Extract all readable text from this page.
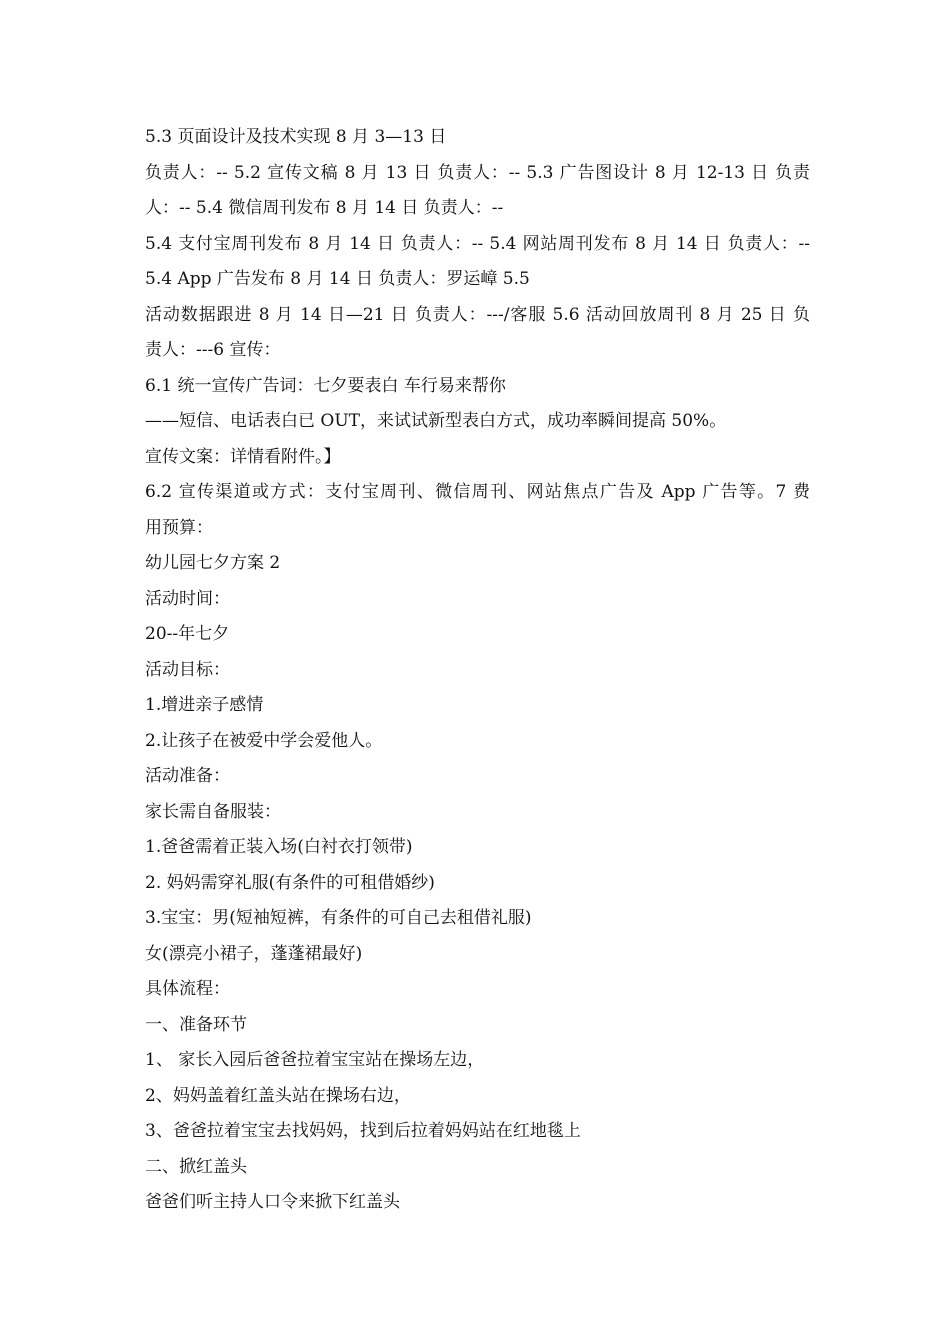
5.3 页面设计及技术实现 8 月 3—13 日
负责人：-- 5.2 宣传文稿 8 月 13 日 负责人：-- 5.3 广告图设计 8 月 12-13 日 负责
人：-- 5.4 微信周刊发布 8 月 14 日 负责人：--
5.4 支付宝周刊发布 8 月 14 日 负责人：-- 5.4 网站周刊发布 8 月 14 日 负责人：--
5.4 App 广告发布 8 月 14 日 负责人：罗运嶂 5.5
活动数据跟进 8 月 14 日—21 日 负责人：---/客服 5.6 活动回放周刊 8 月 25 日 负
责人：---6 宣传：
6.1 统一宣传广告词：七夕要表白 车行易来帮你
——短信、电话表白已 OUT，来试试新型表白方式，成功率瞬间提高 50%。
宣传文案：详情看附件。】
6.2 宣传渠道或方式：支付宝周刊、微信周刊、网站焦点广告及 App 广告等。7 费
用预算：
幼儿园七夕方案 2
活动时间：
20--年七夕
活动目标：
1.增进亲子感情
2.让孩子在被爱中学会爱他人。
活动准备：
家长需自备服装：
1.爸爸需着正装入场(白衬衣打领带)
2. 妈妈需穿礼服(有条件的可租借婚纱)
3.宝宝：男(短袖短裤，有条件的可自己去租借礼服)
女(漂亮小裙子，蓬蓬裙最好)
具体流程：
一、准备环节
1、 家长入园后爸爸拉着宝宝站在操场左边，
2、妈妈盖着红盖头站在操场右边，
3、爸爸拉着宝宝去找妈妈，找到后拉着妈妈站在红地毯上
二、掀红盖头
爸爸们听主持人口令来掀下红盖头
